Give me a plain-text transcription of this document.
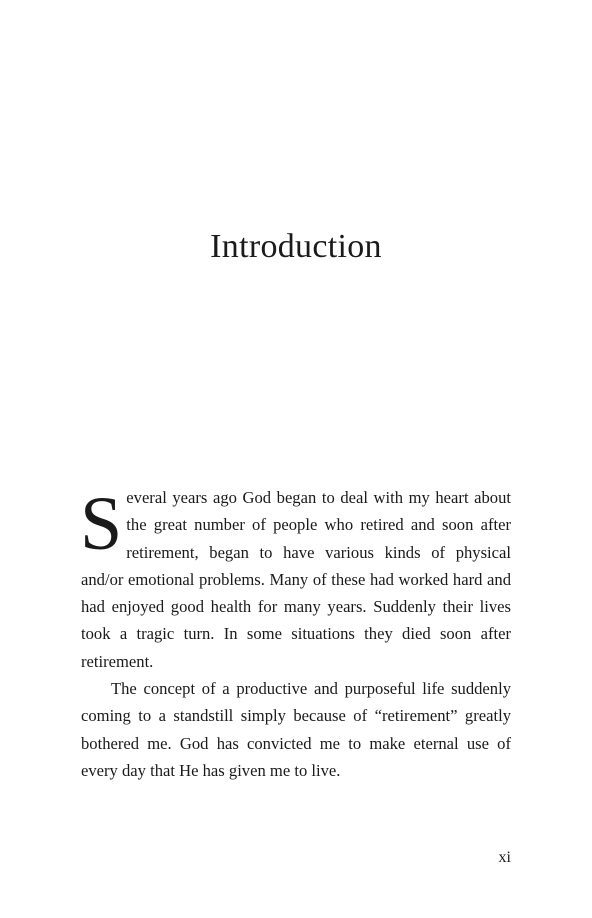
Introduction

Several years ago God began to deal with my heart about the great number of people who retired and soon after retirement, began to have various kinds of physical and/or emotional problems. Many of these had worked hard and had enjoyed good health for many years. Suddenly their lives took a tragic turn. In some situations they died soon after retirement.

The concept of a productive and purposeful life suddenly coming to a standstill simply because of “retirement” greatly bothered me. God has convicted me to make eternal use of every day that He has given me to live.

xi
